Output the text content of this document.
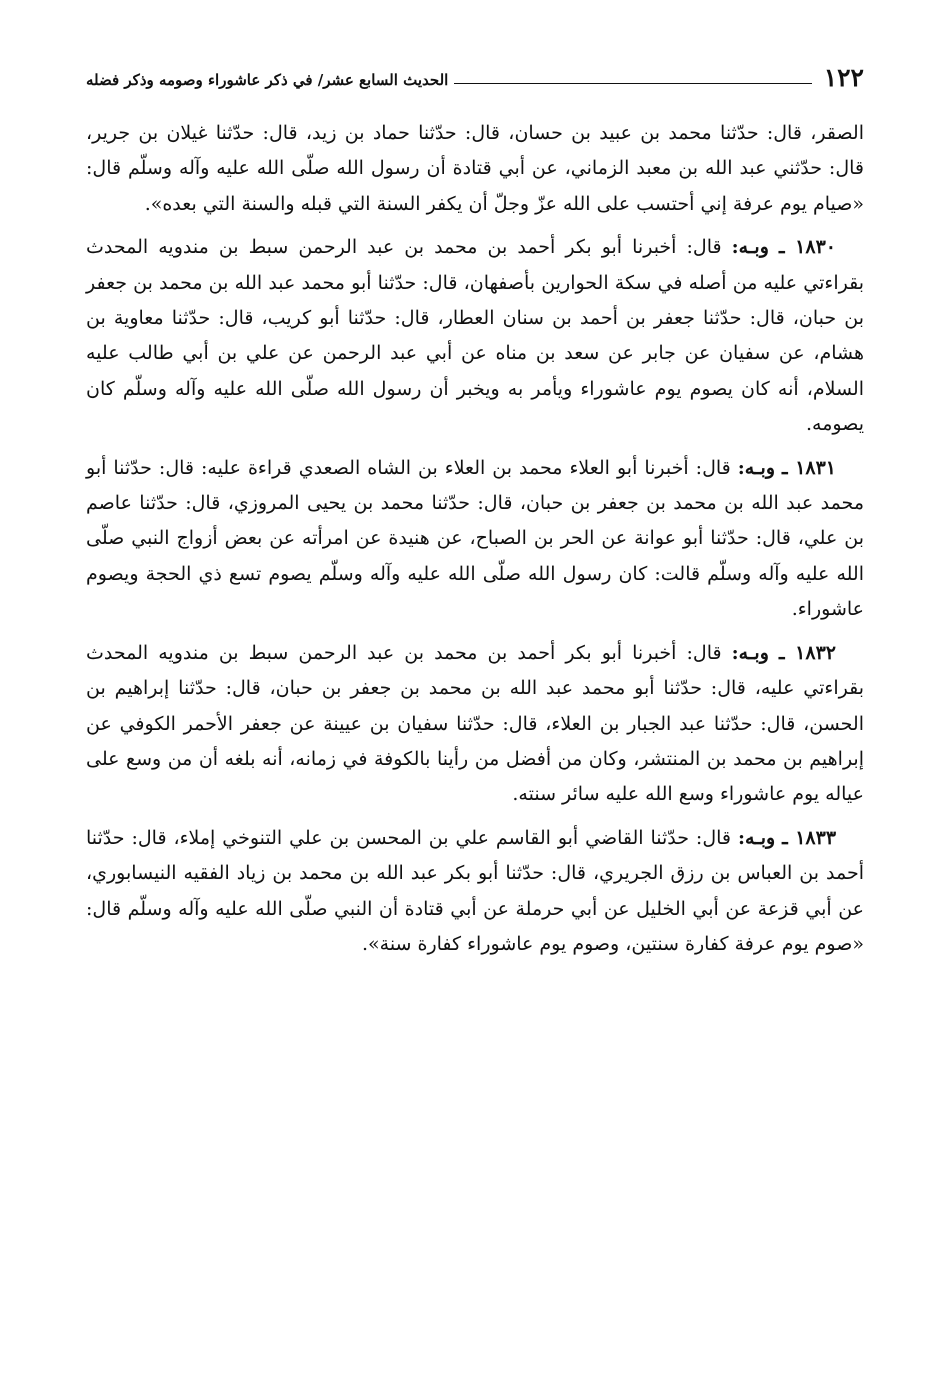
١٢٢
الحديث السابع عشر/ في ذكر عاشوراء وصومه وذكر فضله

الصقر، قال: حدّثنا محمد بن عبيد بن حسان، قال: حدّثنا حماد بن زيد، قال: حدّثنا غيلان بن جرير، قال: حدّثني عبد الله بن معبد الزماني، عن أبي قتادة أن رسول الله صلّى الله عليه وآله وسلّم قال: «صيام يوم عرفة إني أحتسب على الله عزّ وجلّ أن يكفر السنة التي قبله والسنة التي بعده».

١٨٣٠ ـ وبـه: قال: أخبرنا أبو بكر أحمد بن محمد بن عبد الرحمن سبط بن مندويه المحدث بقراءتي عليه من أصله في سكة الحوارين بأصفهان، قال: حدّثنا أبو محمد عبد الله بن محمد بن جعفر بن حبان، قال: حدّثنا جعفر بن أحمد بن سنان العطار، قال: حدّثنا أبو كريب، قال: حدّثنا معاوية بن هشام، عن سفيان عن جابر عن سعد بن مناه عن أبي عبد الرحمن عن علي بن أبي طالب عليه السلام، أنه كان يصوم يوم عاشوراء ويأمر به ويخبر أن رسول الله صلّى الله عليه وآله وسلّم كان يصومه.

١٨٣١ ـ وبـه: قال: أخبرنا أبو العلاء محمد بن العلاء بن الشاه الصعدي قراءة عليه: قال: حدّثنا أبو محمد عبد الله بن محمد بن جعفر بن حبان، قال: حدّثنا محمد بن يحيى المروزي، قال: حدّثنا عاصم بن علي، قال: حدّثنا أبو عوانة عن الحر بن الصباح، عن هنيدة عن امرأته عن بعض أزواج النبي صلّى الله عليه وآله وسلّم قالت: كان رسول الله صلّى الله عليه وآله وسلّم يصوم تسع ذي الحجة ويصوم عاشوراء.

١٨٣٢ ـ وبـه: قال: أخبرنا أبو بكر أحمد بن محمد بن عبد الرحمن سبط بن مندويه المحدث بقراءتي عليه، قال: حدّثنا أبو محمد عبد الله بن محمد بن جعفر بن حبان، قال: حدّثنا إبراهيم بن الحسن، قال: حدّثنا عبد الجبار بن العلاء، قال: حدّثنا سفيان بن عيينة عن جعفر الأحمر الكوفي عن إبراهيم بن محمد بن المنتشر، وكان من أفضل من رأينا بالكوفة في زمانه، أنه بلغه أن من وسع على عياله يوم عاشوراء وسع الله عليه سائر سنته.

١٨٣٣ ـ وبـه: قال: حدّثنا القاضي أبو القاسم علي بن المحسن بن علي التنوخي إملاء، قال: حدّثنا أحمد بن العباس بن رزق الجريري، قال: حدّثنا أبو بكر عبد الله بن محمد بن زياد الفقيه النيسابوري، عن أبي قزعة عن أبي الخليل عن أبي حرملة عن أبي قتادة أن النبي صلّى الله عليه وآله وسلّم قال: «صوم يوم عرفة كفارة سنتين، وصوم يوم عاشوراء كفارة سنة».
